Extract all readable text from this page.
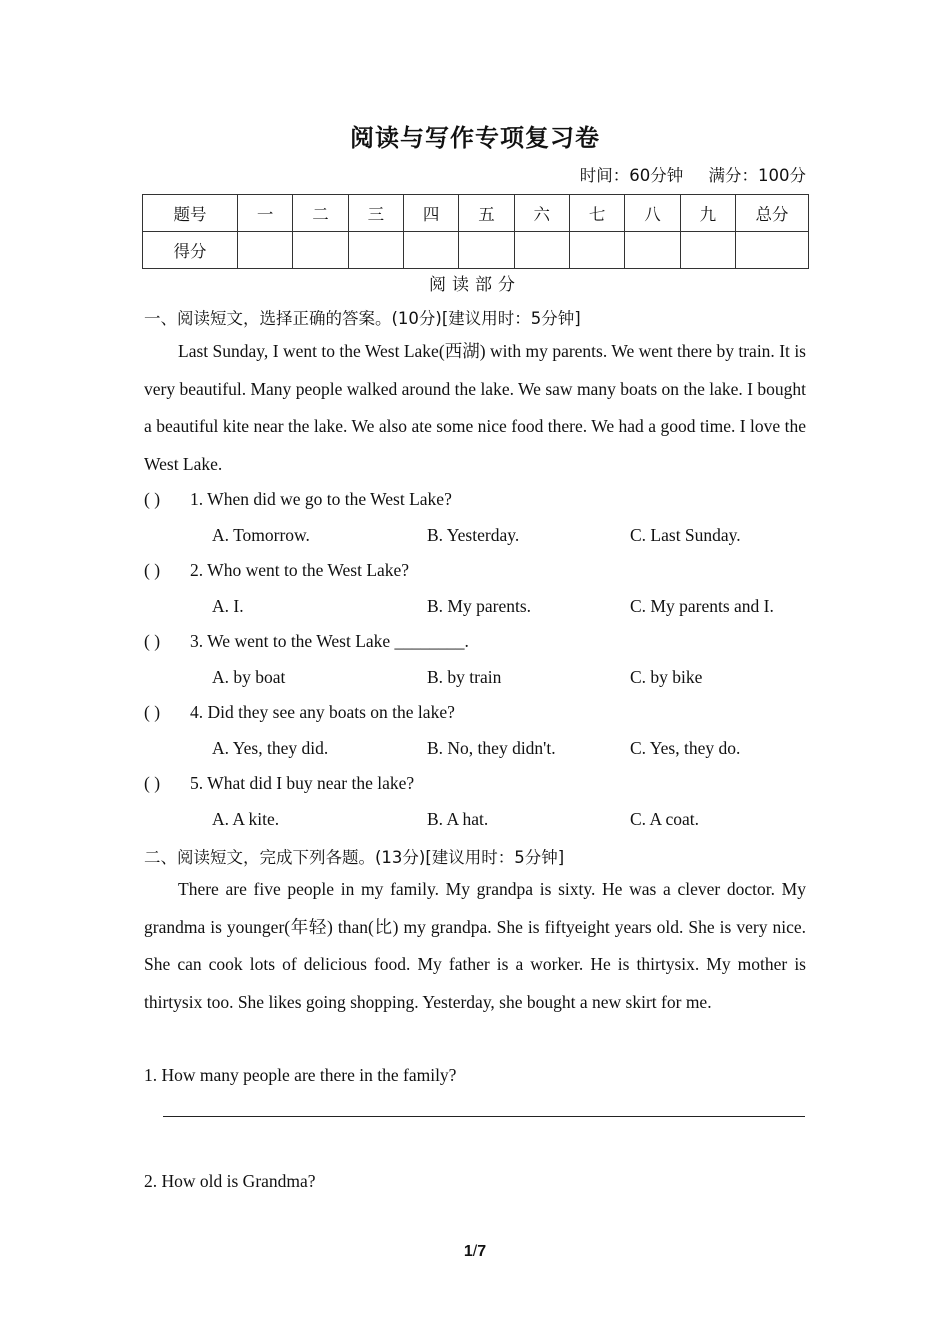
阅读与写作专项复习卷
时间：60分钟 满分：100分
题号	一	二	三	四	五	六	七	八	九	总分
得分										
阅读部分
一、阅读短文，选择正确的答案。(10分)[建议用时：5分钟]
Last Sunday, I went to the West Lake(西湖) with my parents. We went there by train. It is very beautiful. Many people walked around the lake. We saw many boats on the lake. I bought a beautiful kite near the lake. We also ate some nice food there. We had a good time. I love the West Lake.
( ) 1. When did we go to the West Lake?
A. Tomorrow.	B. Yesterday.	C. Last Sunday.
( ) 2. Who went to the West Lake?
A. I.	B. My parents.	C. My parents and I.
( ) 3. We went to the West Lake ________.
A. by boat	B. by train	C. by bike
( ) 4. Did they see any boats on the lake?
A. Yes, they did.	B. No, they didn't.	C. Yes, they do.
( ) 5. What did I buy near the lake?
A. A kite.	B. A hat.	C. A coat.
二、阅读短文，完成下列各题。(13分)[建议用时：5分钟]
There are five people in my family. My grandpa is sixty. He was a clever doctor. My grandma is younger(年轻) than(比) my grandpa. She is fiftyeight years old. She is very nice. She can cook lots of delicious food. My father is a worker. He is thirtysix. My mother is thirtysix too. She likes going shopping. Yesterday, she bought a new skirt for me.
1. How many people are there in the family?
2. How old is Grandma?
1/7
